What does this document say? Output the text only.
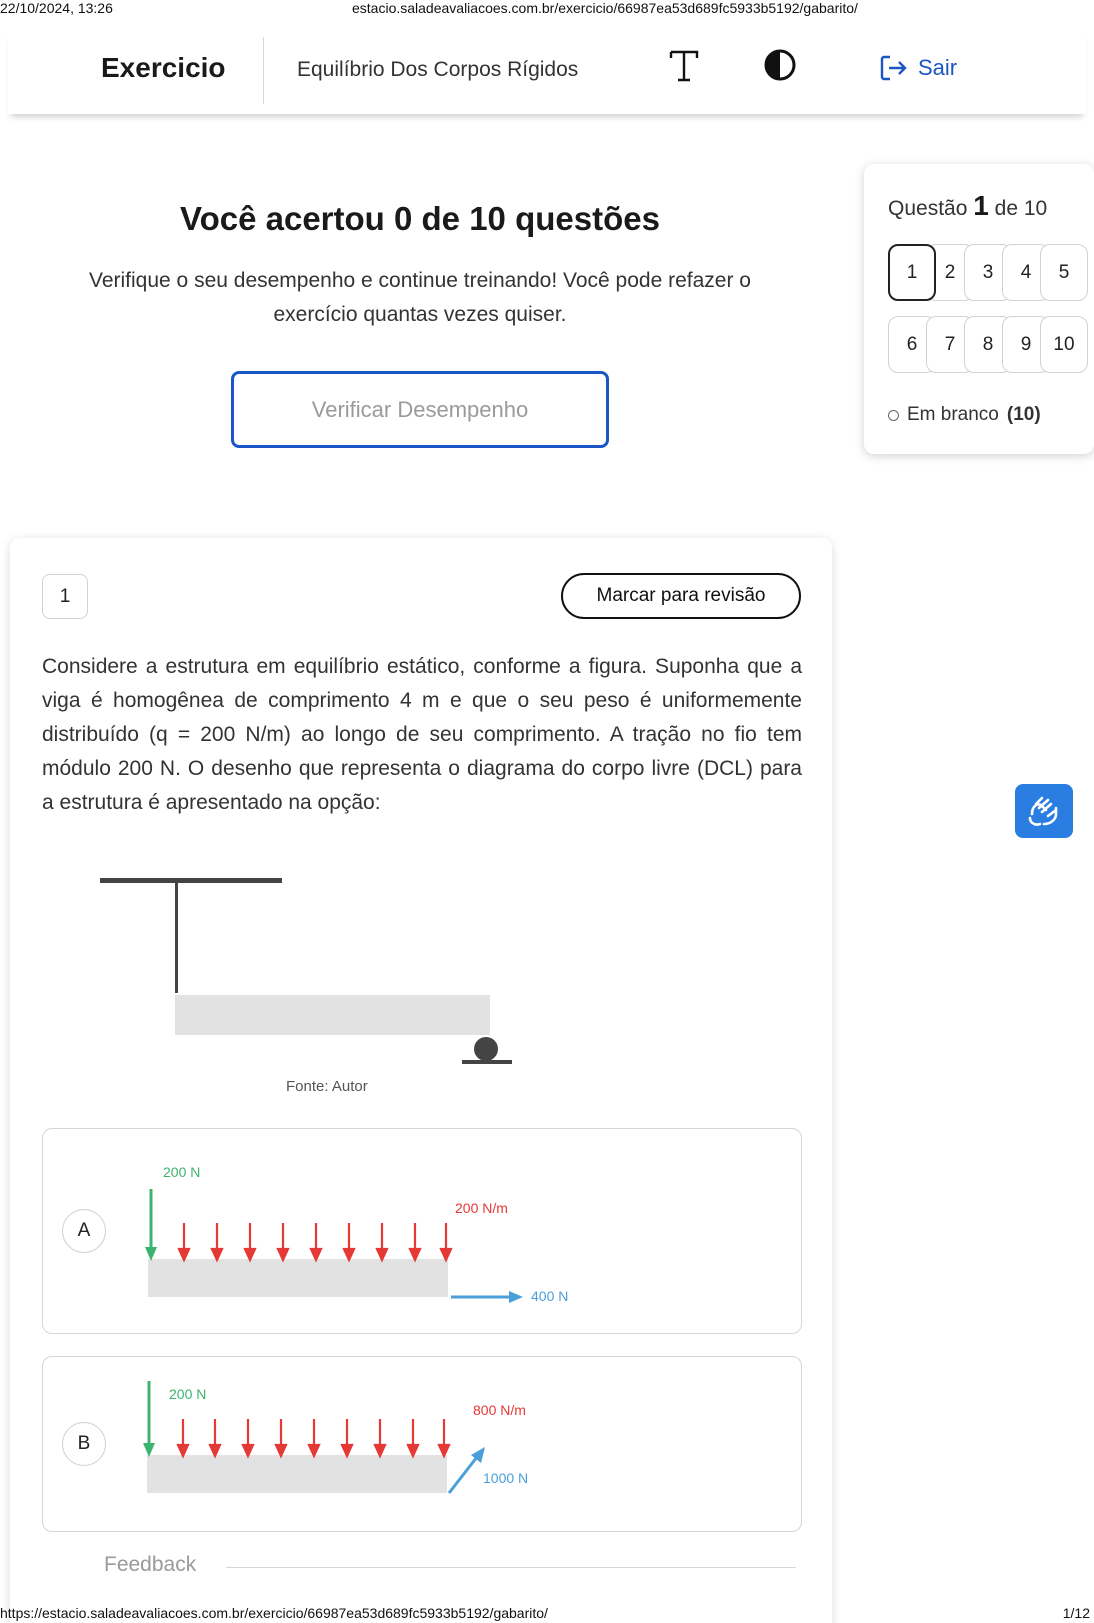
22/10/2024, 13:26	estacio.saladeavaliacoes.com.br/exercicio/66987ea53d689fc5933b5192/gabarito/
Exercicio	Equilíbrio Dos Corpos Rígidos	Sair
Você acertou 0 de 10 questões

Verifique o seu desempenho e continue treinando! Você pode refazer o exercício quantas vezes quiser.

Verificar Desempenho
Questão 1 de 10
1	2	3	4	5
6	7	8	9	10
Em branco (10)
1	Marcar para revisão

Considere a estrutura em equilíbrio estático, conforme a figura. Suponha que a viga é homogênea de comprimento 4 m e que o seu peso é uniformemente distribuído (q = 200 N/m) ao longo de seu comprimento. A tração no fio tem módulo 200 N. O desenho que representa o diagrama do corpo livre (DCL) para a estrutura é apresentado na opção:

Fonte: Autor
A
200 N
200 N/m
400 N
B
200 N
800 N/m
1000 N
Feedback
https://estacio.saladeavaliacoes.com.br/exercicio/66987ea53d689fc5933b5192/gabarito/	1/12
